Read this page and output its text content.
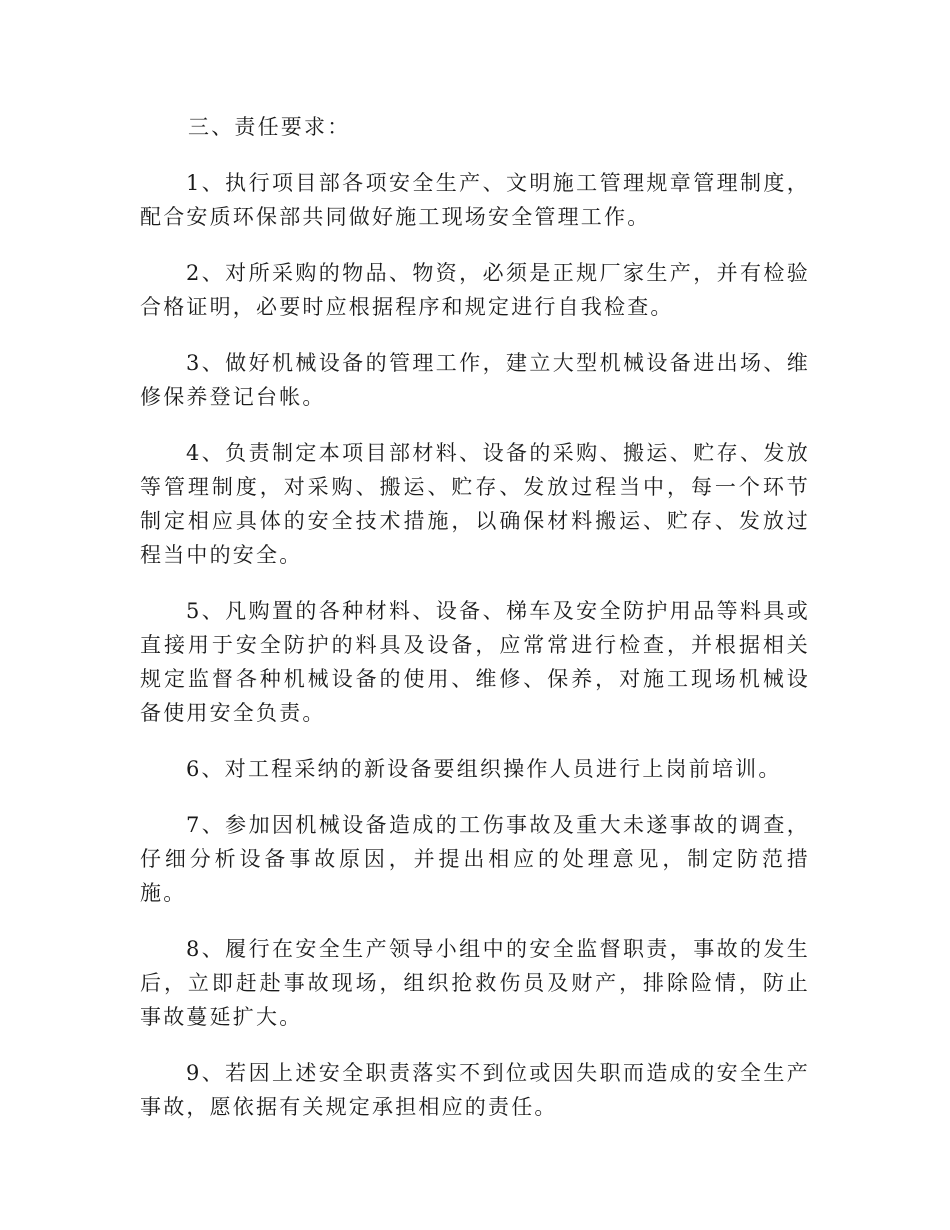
三、责任要求：

1、执行项目部各项安全生产、文明施工管理规章管理制度，配合安质环保部共同做好施工现场安全管理工作。

2、对所采购的物品、物资，必须是正规厂家生产，并有检验合格证明，必要时应根据程序和规定进行自我检查。

3、做好机械设备的管理工作，建立大型机械设备进出场、维修保养登记台帐。

4、负责制定本项目部材料、设备的采购、搬运、贮存、发放等管理制度，对采购、搬运、贮存、发放过程当中，每一个环节制定相应具体的安全技术措施，以确保材料搬运、贮存、发放过程当中的安全。

5、凡购置的各种材料、设备、梯车及安全防护用品等料具或直接用于安全防护的料具及设备，应常常进行检查，并根据相关规定监督各种机械设备的使用、维修、保养，对施工现场机械设备使用安全负责。

6、对工程采纳的新设备要组织操作人员进行上岗前培训。

7、参加因机械设备造成的工伤事故及重大未遂事故的调查，仔细分析设备事故原因，并提出相应的处理意见，制定防范措施。

8、履行在安全生产领导小组中的安全监督职责，事故的发生后，立即赶赴事故现场，组织抢救伤员及财产，排除险情，防止事故蔓延扩大。

9、若因上述安全职责落实不到位或因失职而造成的安全生产事故，愿依据有关规定承担相应的责任。
